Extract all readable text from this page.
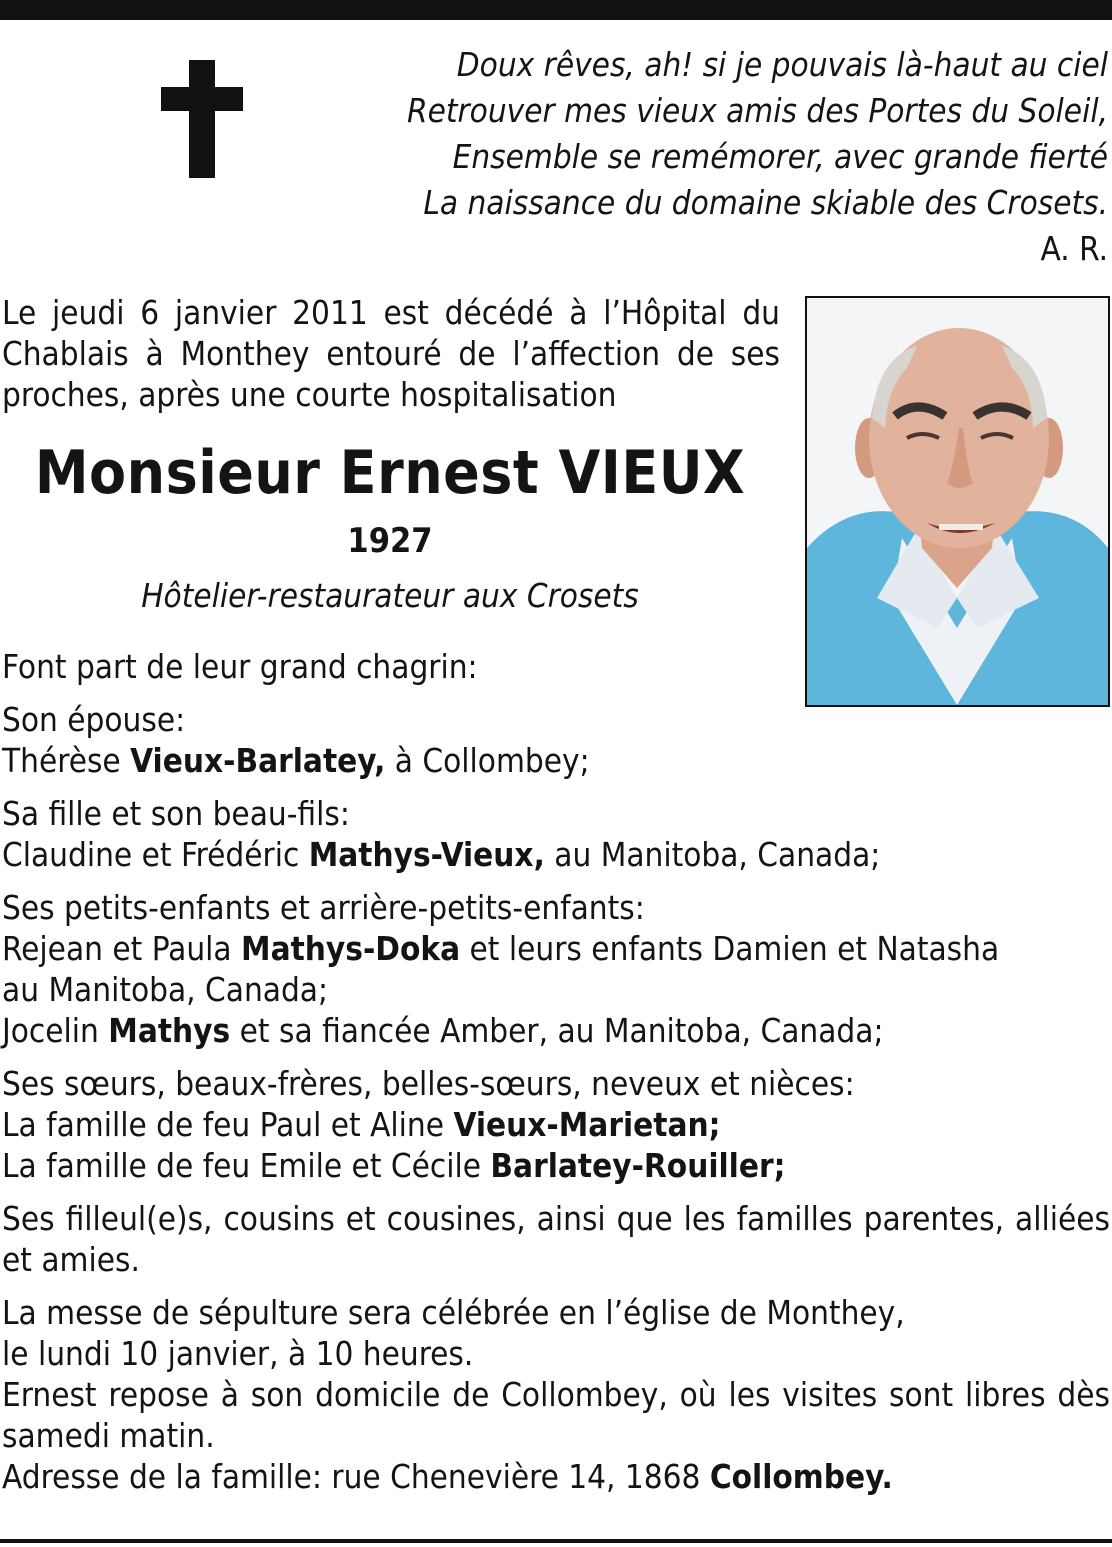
Doux rêves, ah! si je pouvais là-haut au ciel
Retrouver mes vieux amis des Portes du Soleil,
Ensemble se remémorer, avec grande fierté
La naissance du domaine skiable des Crosets.
A. R.
Le jeudi 6 janvier 2011 est décédé à l’Hôpital du Chablais à Monthey entouré de l’affection de ses proches, après une courte hospitalisation
Monsieur Ernest VIEUX
1927
Hôtelier-restaurateur aux Crosets

Font part de leur grand chagrin:

Son épouse:
Thérèse Vieux-Barlatey, à Collombey;

Sa fille et son beau-fils:
Claudine et Frédéric Mathys-Vieux, au Manitoba, Canada;

Ses petits-enfants et arrière-petits-enfants:
Rejean et Paula Mathys-Doka et leurs enfants Damien et Natasha
au Manitoba, Canada;
Jocelin Mathys et sa fiancée Amber, au Manitoba, Canada;

Ses sœurs, beaux-frères, belles-sœurs, neveux et nièces:
La famille de feu Paul et Aline Vieux-Marietan;
La famille de feu Emile et Cécile Barlatey-Rouiller;

Ses filleul(e)s, cousins et cousines, ainsi que les familles parentes, alliées et amies.

La messe de sépulture sera célébrée en l’église de Monthey,
le lundi 10 janvier, à 10 heures.

Ernest repose à son domicile de Collombey, où les visites sont libres dès samedi matin.
Adresse de la famille: rue Chenevière 14, 1868 Collombey.
